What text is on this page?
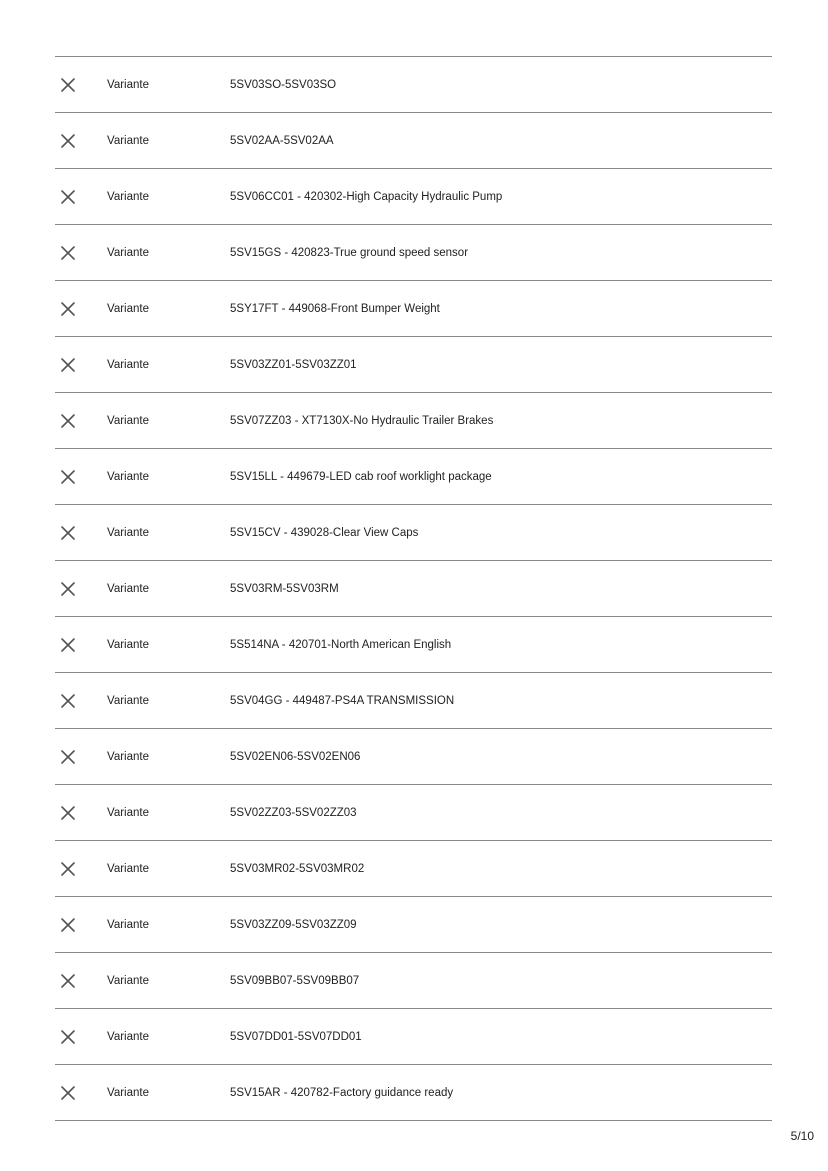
Variante	5SV03SO-5SV03SO
Variante	5SV02AA-5SV02AA
Variante	5SV06CC01 - 420302-High Capacity Hydraulic Pump
Variante	5SV15GS - 420823-True ground speed sensor
Variante	5SY17FT - 449068-Front Bumper Weight
Variante	5SV03ZZ01-5SV03ZZ01
Variante	5SV07ZZ03 - XT7130X-No Hydraulic Trailer Brakes
Variante	5SV15LL - 449679-LED cab roof worklight package
Variante	5SV15CV - 439028-Clear View Caps
Variante	5SV03RM-5SV03RM
Variante	5S514NA - 420701-North American English
Variante	5SV04GG - 449487-PS4A TRANSMISSION
Variante	5SV02EN06-5SV02EN06
Variante	5SV02ZZ03-5SV02ZZ03
Variante	5SV03MR02-5SV03MR02
Variante	5SV03ZZ09-5SV03ZZ09
Variante	5SV09BB07-5SV09BB07
Variante	5SV07DD01-5SV07DD01
Variante	5SV15AR - 420782-Factory guidance ready
5/10
